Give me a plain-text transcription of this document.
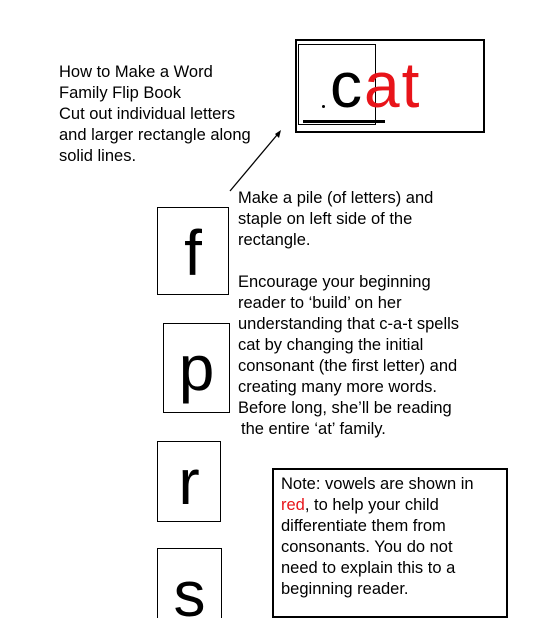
How to Make a Word
Family Flip Book
Cut out individual letters
and larger rectangle along
solid lines.
cat
f
p
r
s
Make a pile (of letters) and
staple on left side of the
rectangle.
Encourage your beginning
reader to ‘build’ on her
understanding that c-a-t spells
cat by changing the initial
consonant (the first letter) and
creating many more words.
Before long, she’ll be reading
the entire ‘at’ family.
Note: vowels are shown in
red, to help your child
differentiate them from
consonants. You do not
need to explain this to a
beginning reader.
